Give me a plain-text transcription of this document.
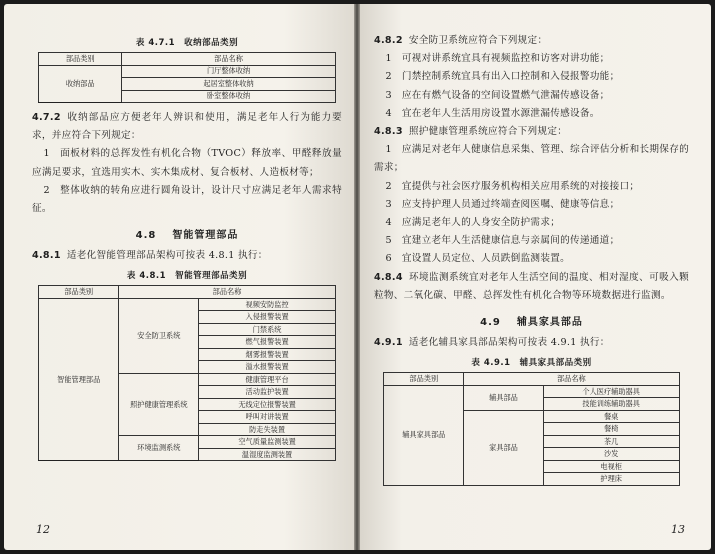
表 4.7.1　收纳部品类别
部品类别	部品名称
收纳部品	门厅整体收纳
	起居室整体收纳
	卧室整体收纳

4.7.2 收纳部品应方便老年人辨识和使用，满足老年人行为能力要求，并应符合下列规定：

1　面板材料的总挥发性有机化合物（TVOC）释放率、甲醛释放量应满足要求，宜选用实木、实木集成材、复合板材、人造板材等；

2　整体收纳的转角应进行圆角设计，设计尺寸应满足老年人需求特征。

4.8 智能管理部品

4.8.1 适老化智能管理部品架构可按表 4.8.1 执行：

表 4.8.1　智能管理部品类别
部品类别	部品名称	
智能管理部品	安全防卫系统	视频安防监控
		入侵报警装置
		门禁系统
		燃气报警装置
		烟雾报警装置
		溢水报警装置
	照护健康管理系统	健康管理平台
		活动监护装置
		无线定位报警装置
		呼叫对讲装置
		防走失装置
	环境监测系统	空气质量监测装置
		温湿度监测装置
12

4.8.2 安全防卫系统应符合下列规定：

1　可视对讲系统宜具有视频监控和访客对讲功能；

2　门禁控制系统宜具有出入口控制和入侵报警功能；

3　应在有燃气设备的空间设置燃气泄漏传感设备；

4　宜在老年人生活用房设置水源泄漏传感设备。

4.8.3 照护健康管理系统应符合下列规定：

1　应满足对老年人健康信息采集、管理、综合评估分析和长期保存的需求；

2　宜提供与社会医疗服务机构相关应用系统的对接接口；

3　应支持护理人员通过终端查阅医嘱、健康等信息；

4　应满足老年人的人身安全防护需求；

5　宜建立老年人生活健康信息与亲属间的传递通道；

6　宜设置人员定位、人员跌倒监测装置。

4.8.4 环境监测系统宜对老年人生活空间的温度、相对湿度、可吸入颗粒物、二氧化碳、甲醛、总挥发性有机化合物等环境数据进行监测。

4.9 辅具家具部品

4.9.1 适老化辅具家具部品架构可按表 4.9.1 执行：

表 4.9.1　辅具家具部品类别
部品类别	部品名称	
辅具家具部品	辅具部品	个人医疗辅助器具
		技能训练辅助器具
	家具部品	餐桌
		餐椅
		茶几
		沙发
		电视柜
		护理床
13
